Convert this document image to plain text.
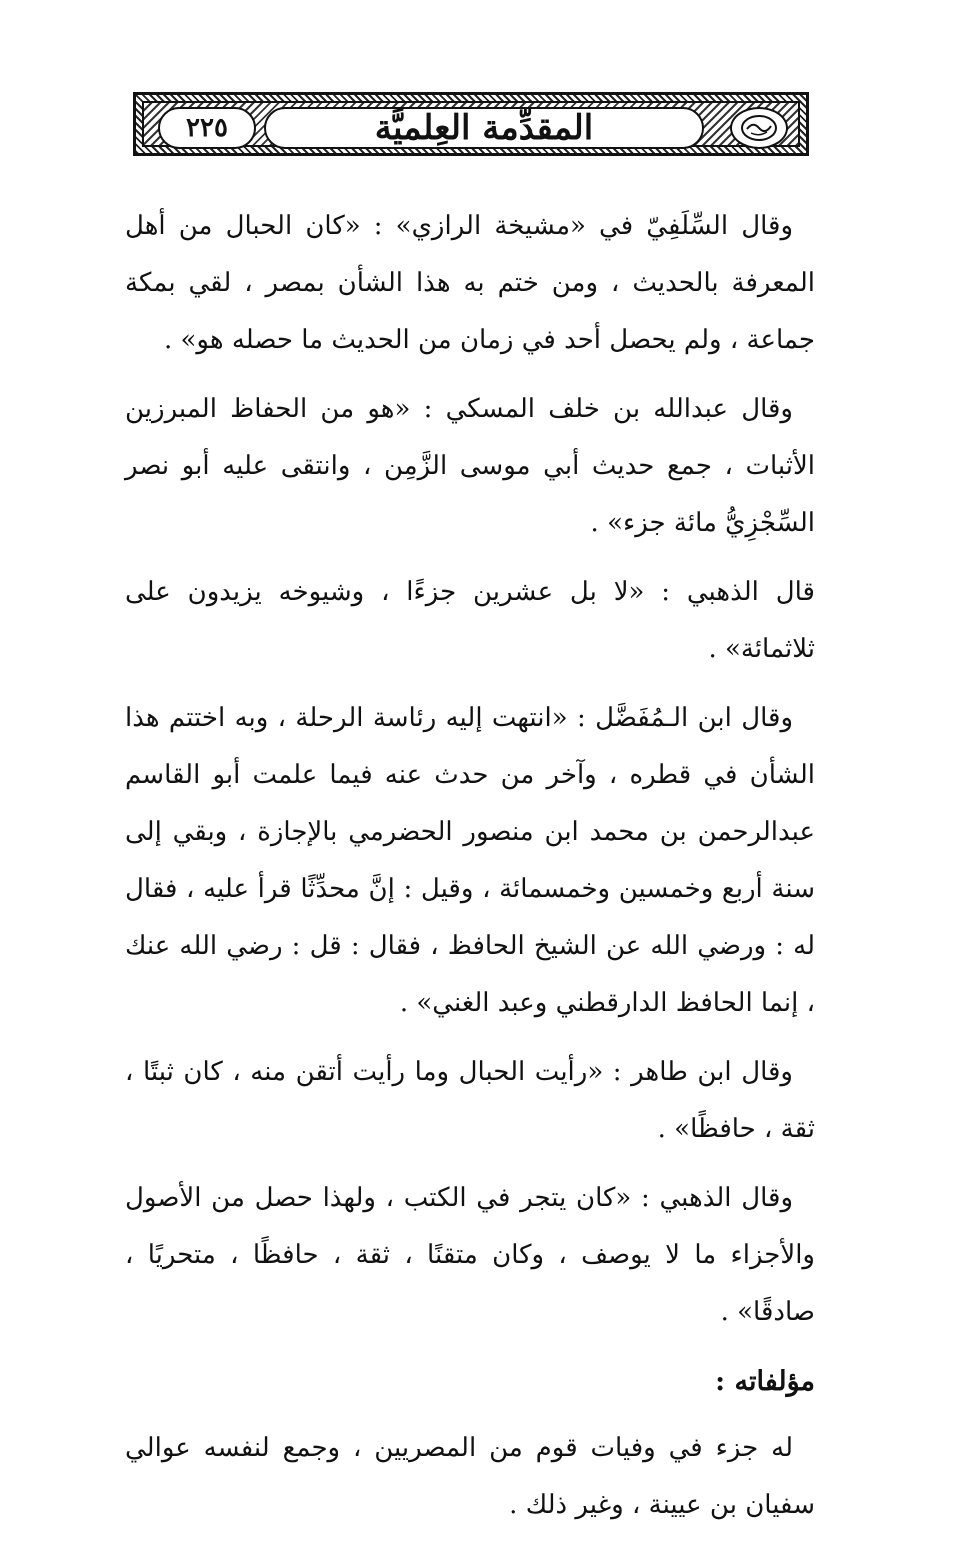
٢٢٥	المقدِّمة العِلميَّة

وقال السِّلَفِيّ في «مشيخة الرازي» : «كان الحبال من أهل المعرفة بالحديث ، ومن ختم به هذا الشأن بمصر ، لقي بمكة جماعة ، ولم يحصل أحد في زمان من الحديث ما حصله هو» .

وقال عبدالله بن خلف المسكي : «هو من الحفاظ المبرزين الأثبات ، جمع حديث أبي موسى الزَّمِن ، وانتقى عليه أبو نصر السِّجْزِيُّ مائة جزء» .

قال الذهبي : «لا بل عشرين جزءًا ، وشيوخه يزيدون على ثلاثمائة» .

وقال ابن الـمُفَضَّل : «انتهت إليه رئاسة الرحلة ، وبه اختتم هذا الشأن في قطره ، وآخر من حدث عنه فيما علمت أبو القاسم عبدالرحمن بن محمد ابن منصور الحضرمي بالإجازة ، وبقي إلى سنة أربع وخمسين وخمسمائة ، وقيل : إنَّ محدِّثًا قرأ عليه ، فقال له : ورضي الله عن الشيخ الحافظ ، فقال : قل : رضي الله عنك ، إنما الحافظ الدارقطني وعبد الغني» .

وقال ابن طاهر : «رأيت الحبال وما رأيت أتقن منه ، كان ثبتًا ، ثقة ، حافظًا» .

وقال الذهبي : «كان يتجر في الكتب ، ولهذا حصل من الأصول والأجزاء ما لا يوصف ، وكان متقنًا ، ثقة ، حافظًا ، متحريًا ، صادقًا» .

مؤلفاته :

له جزء في وفيات قوم من المصريين ، وجمع لنفسه عوالي سفيان بن عيينة ، وغير ذلك .
